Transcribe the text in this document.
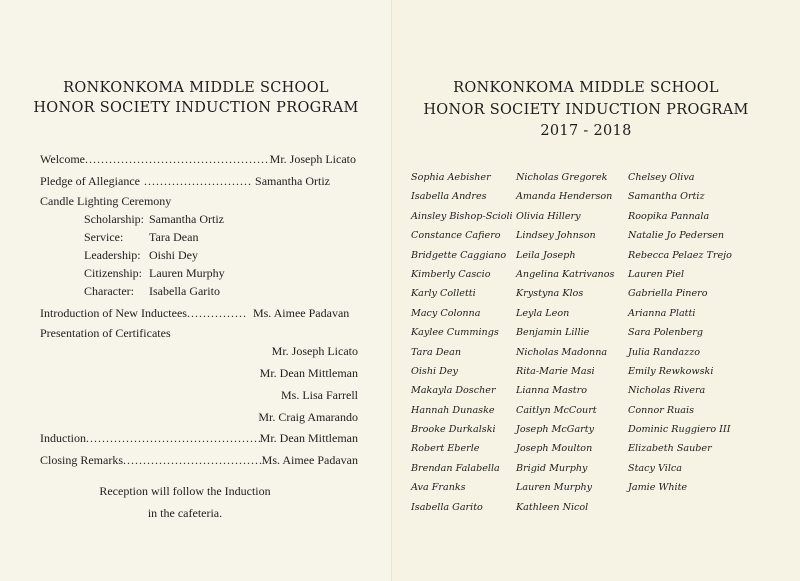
RONKONKOMA MIDDLE SCHOOL
HONOR SOCIETY INDUCTION PROGRAM
Welcome .....	Mr. Joseph Licato
Pledge of Allegiance .....	Samantha Ortiz
Candle Lighting Ceremony
Scholarship: Samantha Ortiz
Service: Tara Dean
Leadership: Oishi Dey
Citizenship: Lauren Murphy
Character: Isabella Garito
Introduction of New Inductees .....	Ms. Aimee Padavan
Presentation of Certificates
Mr. Joseph Licato
Mr. Dean Mittleman
Ms. Lisa Farrell
Mr. Craig Amarando
Induction .....	Mr. Dean Mittleman
Closing Remarks .....	Ms. Aimee Padavan
Reception will follow the Induction
in the cafeteria.
RONKONKOMA MIDDLE SCHOOL
HONOR SOCIETY INDUCTION PROGRAM
2017 - 2018
Sophia Aebisher
Isabella Andres
Ainsley Bishop-Scioli
Constance Cafiero
Bridgette Caggiano
Kimberly Cascio
Karly Colletti
Macy Colonna
Kaylee Cummings
Tara Dean
Oishi Dey
Makayla Doscher
Hannah Dunaske
Brooke Durkalski
Robert Eberle
Brendan Falabella
Ava Franks
Isabella Garito
Nicholas Gregorek
Amanda Henderson
Olivia Hillery
Lindsey Johnson
Leila Joseph
Angelina Katrivanos
Krystyna Klos
Leyla Leon
Benjamin Lillie
Nicholas Madonna
Rita-Marie Masi
Lianna Mastro
Caitlyn McCourt
Joseph McGarty
Joseph Moulton
Brigid Murphy
Lauren Murphy
Kathleen Nicol
Chelsey Oliva
Samantha Ortiz
Roopika Pannala
Natalie Jo Pedersen
Rebecca Pelaez Trejo
Lauren Piel
Gabriella Pinero
Arianna Platti
Sara Polenberg
Julia Randazzo
Emily Rewkowski
Nicholas Rivera
Connor Ruais
Dominic Ruggiero III
Elizabeth Sauber
Stacy Vilca
Jamie White
